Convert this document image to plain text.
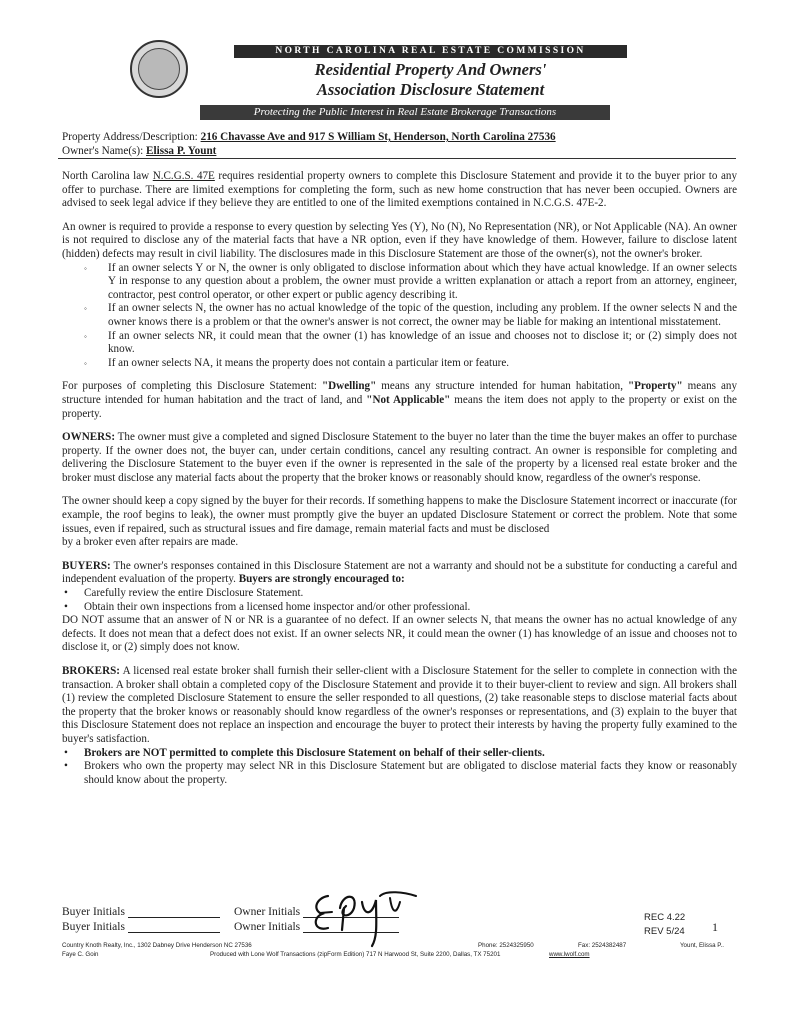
NORTH CAROLINA REAL ESTATE COMMISSION
Residential Property And Owners'
Association Disclosure Statement
Protecting the Public Interest in Real Estate Brokerage Transactions
Property Address/Description: 216 Chavasse Ave and 917 S William St, Henderson, North Carolina 27536
Owner's Name(s): Elissa P. Yount

North Carolina law N.C.G.S. 47E requires residential property owners to complete this Disclosure Statement and provide it to the buyer prior to any offer to purchase. There are limited exemptions for completing the form, such as new home construction that has never been occupied. Owners are advised to seek legal advice if they believe they are entitled to one of the limited exemptions contained in N.C.G.S. 47E-2.

An owner is required to provide a response to every question by selecting Yes (Y), No (N), No Representation (NR), or Not Applicable (NA). An owner is not required to disclose any of the material facts that have a NR option, even if they have knowledge of them. However, failure to disclose latent (hidden) defects may result in civil liability. The disclosures made in this Disclosure Statement are those of the owner(s), not the owner's broker.

◦ If an owner selects Y or N, the owner is only obligated to disclose information about which they have actual knowledge. If an owner selects Y in response to any question about a problem, the owner must provide a written explanation or attach a report from an attorney, engineer, contractor, pest control operator, or other expert or public agency describing it.
◦ If an owner selects N, the owner has no actual knowledge of the topic of the question, including any problem. If the owner selects N and the owner knows there is a problem or that the owner's answer is not correct, the owner may be liable for making an intentional misstatement.
◦ If an owner selects NR, it could mean that the owner (1) has knowledge of an issue and chooses not to disclose it; or (2) simply does not know.
◦ If an owner selects NA, it means the property does not contain a particular item or feature.

For purposes of completing this Disclosure Statement: "Dwelling" means any structure intended for human habitation, "Property" means any structure intended for human habitation and the tract of land, and "Not Applicable" means the item does not apply to the property or exist on the property.

OWNERS: The owner must give a completed and signed Disclosure Statement to the buyer no later than the time the buyer makes an offer to purchase property. If the owner does not, the buyer can, under certain conditions, cancel any resulting contract. An owner is responsible for completing and delivering the Disclosure Statement to the buyer even if the owner is represented in the sale of the property by a licensed real estate broker and the broker must disclose any material facts about the property that the broker knows or reasonably should know, regardless of the owner's response.

The owner should keep a copy signed by the buyer for their records. If something happens to make the Disclosure Statement incorrect or inaccurate (for example, the roof begins to leak), the owner must promptly give the buyer an updated Disclosure Statement or correct the problem. Note that some issues, even if repaired, such as structural issues and fire damage, remain material facts and must be disclosed

by a broker even after repairs are made.

BUYERS: The owner's responses contained in this Disclosure Statement are not a warranty and should not be a substitute for conducting a careful and independent evaluation of the property. Buyers are strongly encouraged to:

• Carefully review the entire Disclosure Statement.
• Obtain their own inspections from a licensed home inspector and/or other professional.

DO NOT assume that an answer of N or NR is a guarantee of no defect. If an owner selects N, that means the owner has no actual knowledge of any defects. It does not mean that a defect does not exist. If an owner selects NR, it could mean the owner (1) has knowledge of an issue and chooses not to disclose it, or (2) simply does not know.

BROKERS: A licensed real estate broker shall furnish their seller-client with a Disclosure Statement for the seller to complete in connection with the transaction. A broker shall obtain a completed copy of the Disclosure Statement and provide it to their buyer-client to review and sign. All brokers shall (1) review the completed Disclosure Statement to ensure the seller responded to all questions, (2) take reasonable steps to disclose material facts about the property that the broker knows or reasonably should know regardless of the owner's responses or representations, and (3) explain to the buyer that this Disclosure Statement does not replace an inspection and encourage the buyer to protect their interests by having the property fully examined to the buyer's satisfaction.

• Brokers are NOT permitted to complete this Disclosure Statement on behalf of their seller-clients.
• Brokers who own the property may select NR in this Disclosure Statement but are obligated to disclose material facts they know or reasonably should know about the property.
Buyer Initials
Buyer Initials
Owner Initials
Owner Initials
REC 4.22
REV 5/24 1
Country Knoth Realty, Inc., 1302 Dabney Drive Henderson NC 27536	Phone: 2524325950	Fax: 2524382487	Yount, Elissa P..
Faye C. Goin	Produced with Lone Wolf Transactions (zipForm Edition) 717 N Harwood St, Suite 2200, Dallas, TX 75201	www.lwolf.com
